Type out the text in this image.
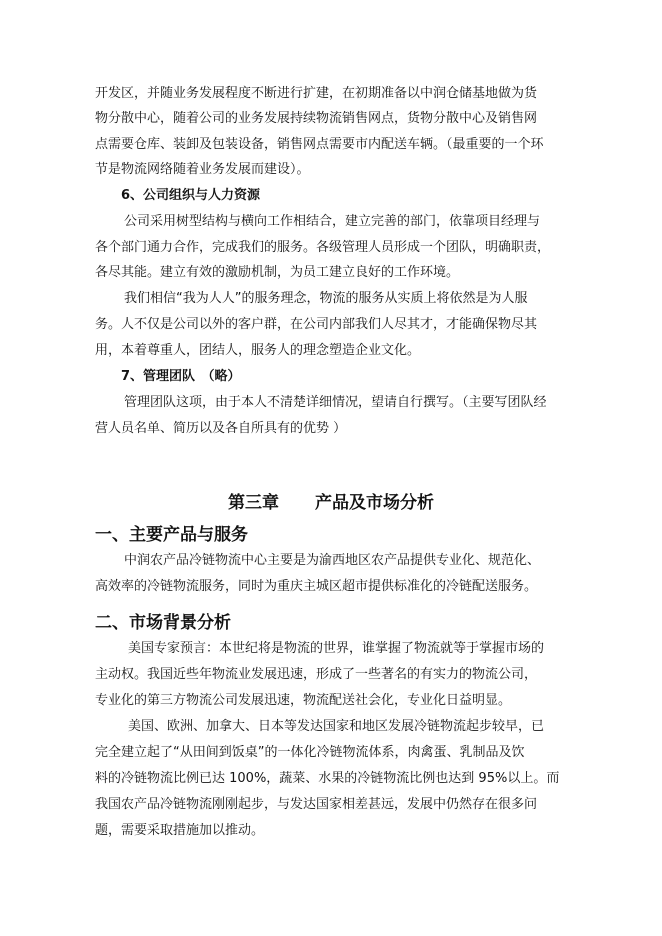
开发区，并随业务发展程度不断进行扩建，在初期准备以中润仓储基地做为货
物分散中心，随着公司的业务发展持续物流销售网点，货物分散中心及销售网
点需要仓库、装卸及包装设备，销售网点需要市内配送车辆。（最重要的一个环
节是物流网络随着业务发展而建设）。
6、公司组织与人力资源
公司采用树型结构与横向工作相结合，建立完善的部门，依靠项目经理与
各个部门通力合作，完成我们的服务。各级管理人员形成一个团队，明确职责，
各尽其能。建立有效的激励机制，为员工建立良好的工作环境。
我们相信“我为人人”的服务理念，物流的服务从实质上将依然是为人服
务。人不仅是公司以外的客户群，在公司内部我们人尽其才，才能确保物尽其
用，本着尊重人，团结人，服务人的理念塑造企业文化。
7、管理团队　（略）
管理团队这项，由于本人不清楚详细情况，望请自行撰写。（主要写团队经
营人员名单、简历以及各自所具有的优势 ）
第三章 产品及市场分析
一、主要产品与服务
中润农产品冷链物流中心主要是为渝西地区农产品提供专业化、规范化、
高效率的冷链物流服务，同时为重庆主城区超市提供标准化的冷链配送服务。
二、市场背景分析
美国专家预言：本世纪将是物流的世界，谁掌握了物流就等于掌握市场的
主动权。我国近些年物流业发展迅速，形成了一些著名的有实力的物流公司，
专业化的第三方物流公司发展迅速，物流配送社会化，专业化日益明显。
美国、欧洲、加拿大、日本等发达国家和地区发展冷链物流起步较早，已
完全建立起了“从田间到饭桌”的一体化冷链物流体系，肉禽蛋、乳制品及饮
料的冷链物流比例已达 100%，蔬菜、水果的冷链物流比例也达到 95%以上。而
我国农产品冷链物流刚刚起步，与发达国家相差甚远，发展中仍然存在很多问
题，需要采取措施加以推动。
